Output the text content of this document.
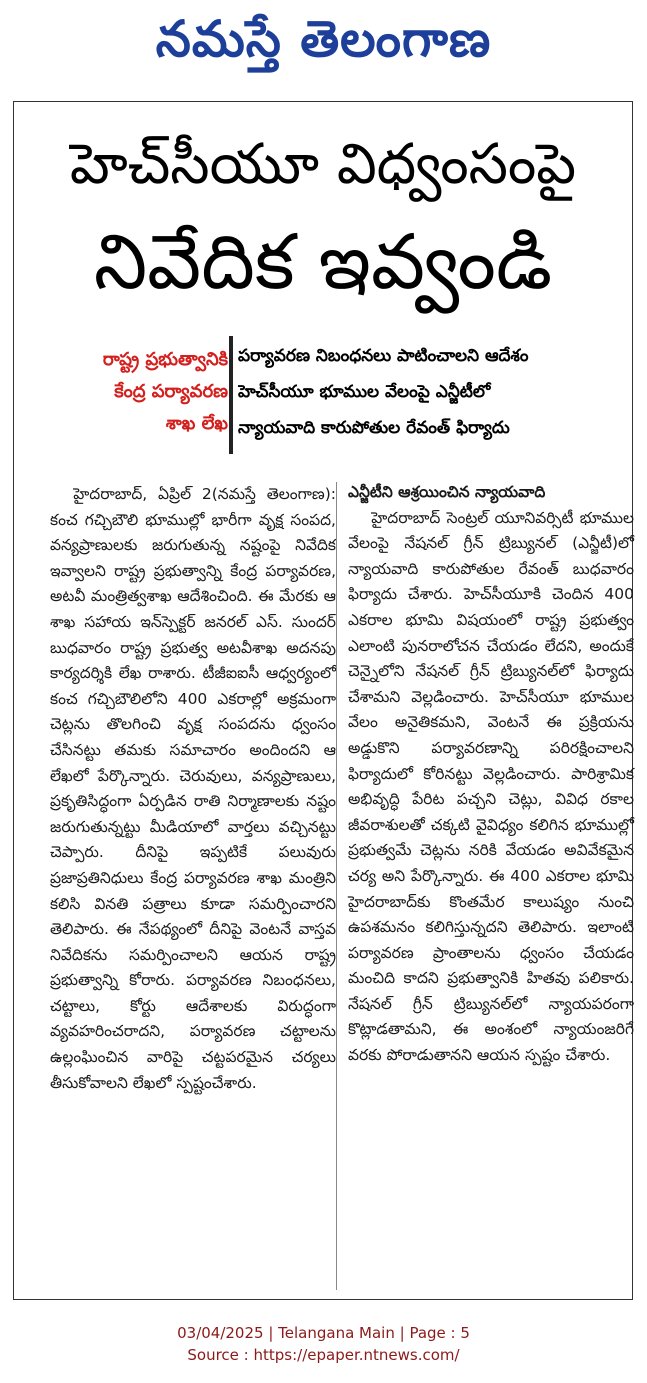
నమస్తే తెలంగాణ
హెచ్‌సీయూ విధ్వంసంపై
నివేదిక ఇవ్వండి
రాష్ట్ర ప్రభుత్వానికి
కేంద్ర పర్యావరణ
శాఖ లేఖ
పర్యావరణ నిబంధనలు పాటించాలని ఆదేశం
హెచ్‌సీయూ భూముల వేలంపై ఎన్జీటీలో
న్యాయవాది కారుపోతుల రేవంత్ ఫిర్యాదు
హైదరాబాద్, ఏప్రిల్ 2(నమస్తే తెలంగాణ): కంచ గచ్చిబౌలి భూముల్లో భారీగా వృక్ష సంపద, వన్యప్రాణులకు జరుగుతున్న నష్టంపై నివేదిక ఇవ్వాలని రాష్ట్ర ప్రభుత్వాన్ని కేంద్ర పర్యావరణ, అటవీ మంత్రిత్వశాఖ ఆదేశించింది. ఈ మేరకు ఆ శాఖ సహాయ ఇన్‌స్పెక్టర్ జనరల్ ఎస్. సుందర్ బుధవారం రాష్ట్ర ప్రభుత్వ అటవీశాఖ అదనపు కార్యదర్శికి లేఖ రాశారు. టీజీఐఐసీ ఆధ్వర్యంలో కంచ గచ్చిబౌలిలోని 400 ఎకరాల్లో అక్రమంగా చెట్లను తొలగించి వృక్ష సంపదను ధ్వంసం చేసినట్టు తమకు సమాచారం అందిందని ఆ లేఖలో పేర్కొన్నారు. చెరువులు, వన్యప్రాణులు, ప్రకృతిసిద్ధంగా ఏర్పడిన రాతి నిర్మాణాలకు నష్టం జరుగుతున్నట్టు మీడియాలో వార్తలు వచ్చినట్టు చెప్పారు. దీనిపై ఇప్పటికే పలువురు ప్రజాప్రతినిధులు కేంద్ర పర్యావరణ శాఖ మంత్రిని కలిసి వినతి పత్రాలు కూడా సమర్పించారని తెలిపారు. ఈ నేపథ్యంలో దీనిపై వెంటనే వాస్తవ నివేదికను సమర్పించాలని ఆయన రాష్ట్ర ప్రభుత్వాన్ని కోరారు. పర్యావరణ నిబంధనలు, చట్టాలు, కోర్టు ఆదేశాలకు విరుద్ధంగా వ్యవహరించరాదని, పర్యావరణ చట్టాలను ఉల్లంఘించిన వారిపై చట్టపరమైన చర్యలు తీసుకోవాలని లేఖలో స్పష్టంచేశారు.
ఎన్జీటీని ఆశ్రయించిన న్యాయవాది
హైదరాబాద్ సెంట్రల్ యూనివర్సిటీ భూముల వేలంపై నేషనల్ గ్రీన్ ట్రిబ్యునల్ (ఎన్జీటీ)లో న్యాయవాది కారుపోతుల రేవంత్ బుధవారం ఫిర్యాదు చేశారు. హెచ్‌సీయూకి చెందిన 400 ఎకరాల భూమి విషయంలో రాష్ట్ర ప్రభుత్వం ఎలాంటి పునరాలోచన చేయడం లేదని, అందుకే చెన్నైలోని నేషనల్ గ్రీన్ ట్రిబ్యునల్‌లో ఫిర్యాదు చేశామని వెల్లడించారు. హెచ్‌సీయూ భూముల వేలం అనైతికమని, వెంటనే ఈ ప్రక్రియను అడ్డుకొని పర్యావరణాన్ని పరిరక్షించాలని ఫిర్యాదులో కోరినట్టు వెల్లడించారు. పారిశ్రామిక అభివృద్ధి పేరిట పచ్చని చెట్లు, వివిధ రకాల జీవరాశులతో చక్కటి వైవిధ్యం కలిగిన భూముల్లో ప్రభుత్వమే చెట్లను నరికి వేయడం అవివేకమైన చర్య అని పేర్కొన్నారు. ఈ 400 ఎకరాల భూమి హైదరాబాద్‌కు కొంతమేర కాలుష్యం నుంచి ఉపశమనం కలిగిస్తున్నదని తెలిపారు. ఇలాంటి పర్యావరణ ప్రాంతాలను ధ్వంసం చేయడం మంచిది కాదని ప్రభుత్వానికి హితవు పలికారు. నేషనల్ గ్రీన్ ట్రిబ్యునల్‌లో న్యాయపరంగా కొట్లాడతామని, ఈ అంశంలో న్యాయంజరిగే వరకు పోరాడుతానని ఆయన స్పష్టం చేశారు.
03/04/2025 | Telangana Main | Page : 5
Source : https://epaper.ntnews.com/
